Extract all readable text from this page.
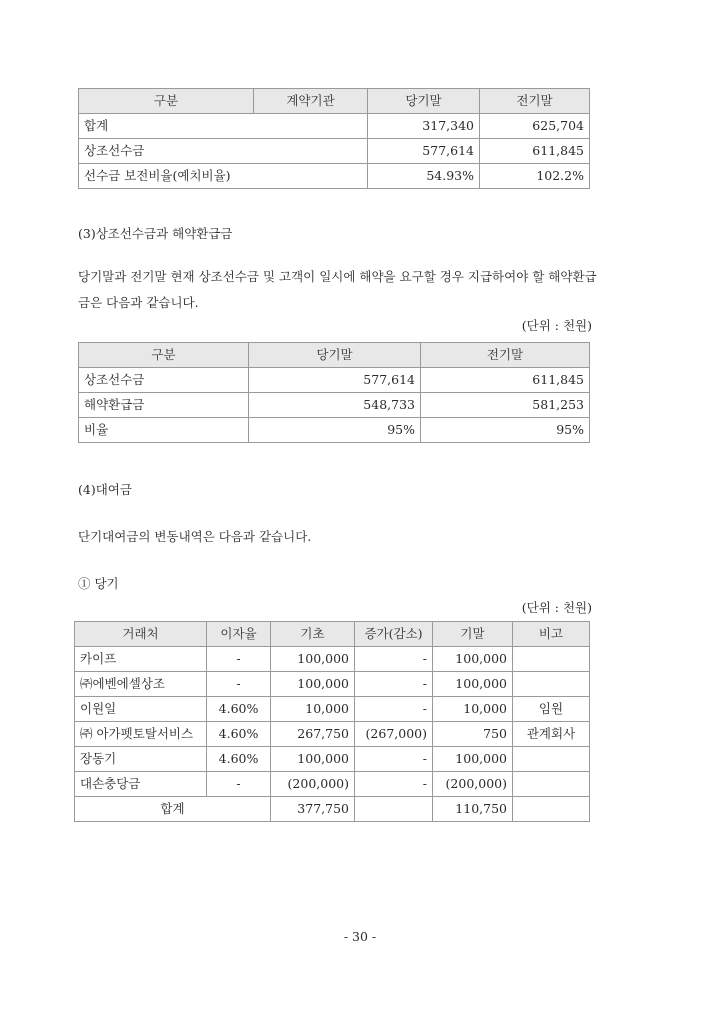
구분	계약기관	당기말	전기말
합계		317,340	625,704
상조선수금		577,614	611,845
선수금 보전비율(예치비율)		54.93%	102.2%
(3)상조선수금과 해약환급금
당기말과 전기말 현재 상조선수금 및 고객이 일시에 해약을 요구할 경우 지급하여야 할 해약환급금은 다음과 같습니다.
(단위 : 천원)
구분	당기말	전기말
상조선수금	577,614	611,845
해약환급금	548,733	581,253
비율	95%	95%
(4)대여금
단기대여금의 변동내역은 다음과 같습니다.
① 당기
(단위 : 천원)
거래처	이자율	기초	증가(감소)	기말	비고
카이프	-	100,000	-	100,000	
㈜에벤에셀상조	-	100,000	-	100,000	
이원일	4.60%	10,000	-	10,000	임원
㈜ 아가펫토탈서비스	4.60%	267,750	(267,000)	750	관계회사
장동기	4.60%	100,000	-	100,000	
대손충당금	-	(200,000)	-	(200,000)	
합계		377,750		110,750	
- 30 -
